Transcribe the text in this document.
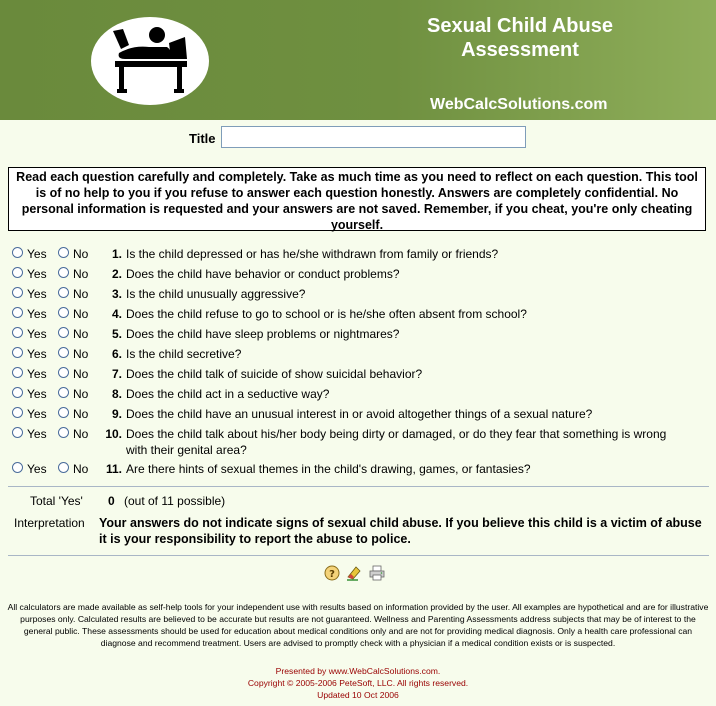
Sexual Child Abuse
Assessment
WebCalcSolutions.com
Title
Read each question carefully and completely. Take as much time as you need to reflect on each question. This tool is of no help to you if you refuse to answer each question honestly. Answers are completely confidential. No personal information is requested and your answers are not saved. Remember, if you cheat, you're only cheating yourself.
Yes No	1. Is the child depressed or has he/she withdrawn from family or friends?
Yes No	2. Does the child have behavior or conduct problems?
Yes No	3. Is the child unusually aggressive?
Yes No	4. Does the child refuse to go to school or is he/she often absent from school?
Yes No	5. Does the child have sleep problems or nightmares?
Yes No	6. Is the child secretive?
Yes No	7. Does the child talk of suicide of show suicidal behavior?
Yes No	8. Does the child act in a seductive way?
Yes No	9. Does the child have an unusual interest in or avoid altogether things of a sexual nature?
Yes No	10. Does the child talk about his/her body being dirty or damaged, or do they fear that something is wrong with their genital area?
Yes No	11. Are there hints of sexual themes in the child's drawing, games, or fantasies?
Total 'Yes' 0 (out of 11 possible)
Interpretation Your answers do not indicate signs of sexual child abuse. If you believe this child is a victim of abuse it is your responsibility to report the abuse to police.
?
All calculators are made available as self-help tools for your independent use with results based on information provided by the user. All examples are hypothetical and are for illustrative purposes only. Calculated results are believed to be accurate but results are not guaranteed. Wellness and Parenting Assessments address subjects that may be of interest to the general public. These assessments should be used for education about medical conditions only and are not for providing medical diagnosis. Only a health care professional can diagnose and recommend treatment. Users are advised to promptly check with a physician if a medical condition exists or is suspected.
Presented by www.WebCalcSolutions.com.
Copyright © 2005-2006 PeteSoft, LLC. All rights reserved.
Updated 10 Oct 2006
